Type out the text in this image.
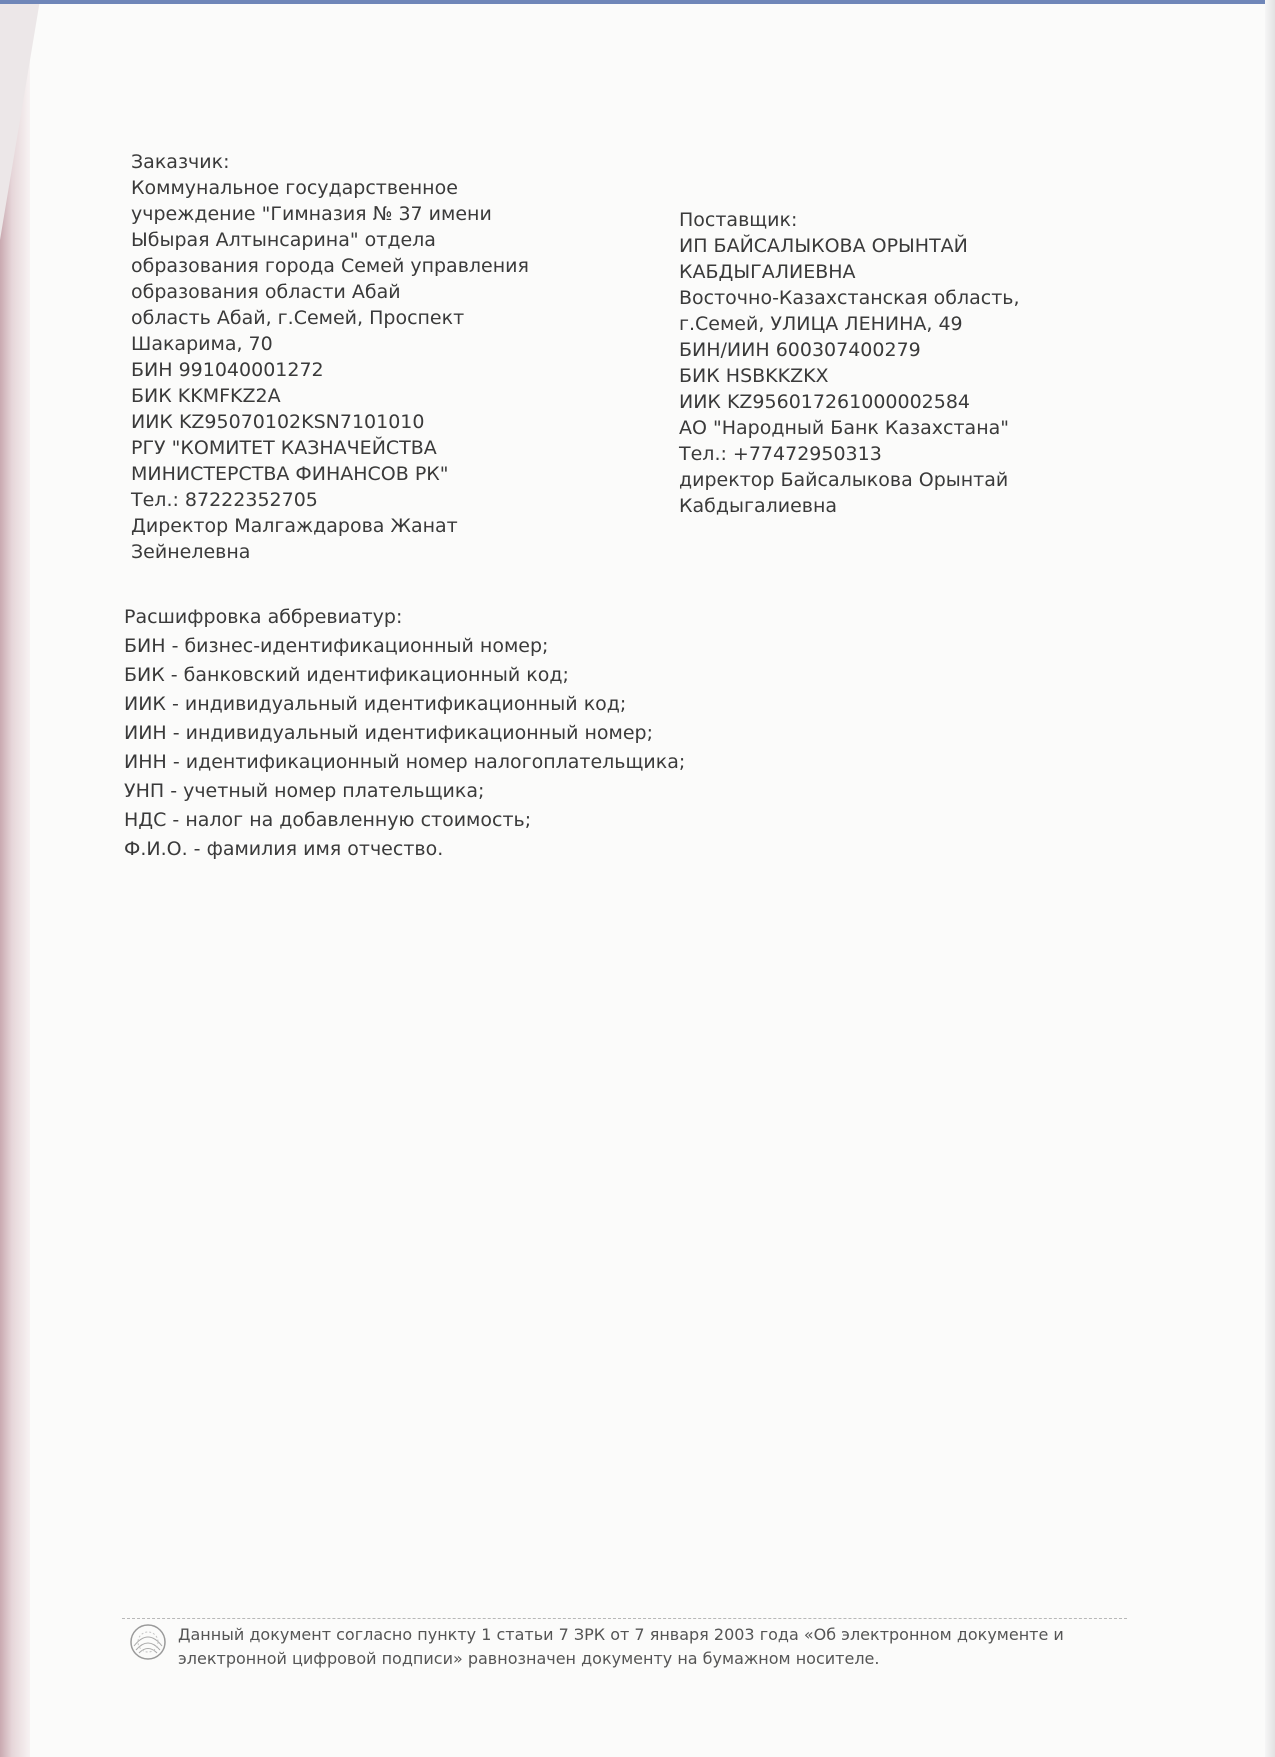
Заказчик:
Коммунальное государственное
учреждение "Гимназия № 37 имени
Ыбырая Алтынсарина" отдела
образования города Семей управления
образования области Абай
область Абай, г.Семей, Проспект
Шакарима, 70
БИН 991040001272
БИК KKMFKZ2A
ИИК KZ95070102KSN7101010
РГУ "КОМИТЕТ КАЗНАЧЕЙСТВА
МИНИСТЕРСТВА ФИНАНСОВ РК"
Тел.: 87222352705
Директор Малгаждарова Жанат
Зейнелевна
Поставщик:
ИП БАЙСАЛЫКОВА ОРЫНТАЙ
КАБДЫГАЛИЕВНА
Восточно-Казахстанская область,
г.Семей, УЛИЦА ЛЕНИНА, 49
БИН/ИИН 600307400279
БИК HSBKKZKX
ИИК KZ956017261000002584
АО "Народный Банк Казахстана"
Тел.: +77472950313
директор Байсалыкова Орынтай
Кабдыгалиевна
Расшифровка аббревиатур:
БИН - бизнес-идентификационный номер;
БИК - банковский идентификационный код;
ИИК - индивидуальный идентификационный код;
ИИН - индивидуальный идентификационный номер;
ИНН - идентификационный номер налогоплательщика;
УНП - учетный номер плательщика;
НДС - налог на добавленную стоимость;
Ф.И.О. - фамилия имя отчество.
Данный документ согласно пункту 1 статьи 7 ЗРК от 7 января 2003 года «Об электронном документе и
электронной цифровой подписи» равнозначен документу на бумажном носителе.
